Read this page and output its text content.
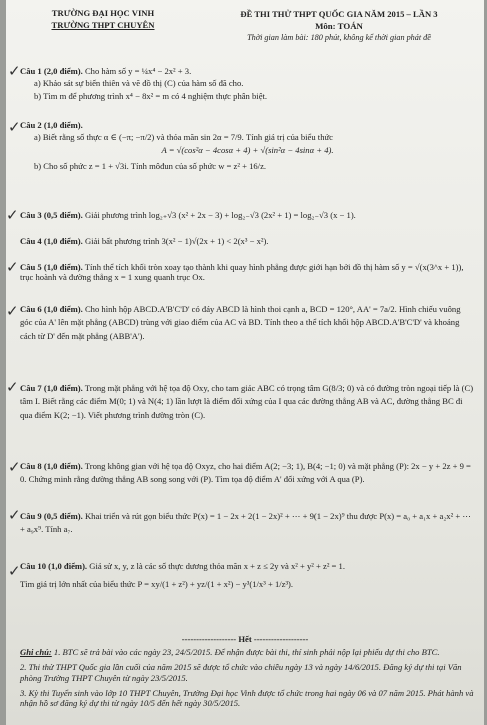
TRƯỜNG ĐẠI HỌC VINH
TRƯỜNG THPT CHUYÊN
ĐỀ THI THỬ THPT QUỐC GIA NĂM 2015 – LẦN 3
Môn: TOÁN
Thời gian làm bài: 180 phút, không kể thời gian phát đề
✓
✓
✓
✓
✓
✓
✓
✓
✓

Câu 1 (2,0 điểm). Cho hàm số y = ¼x⁴ − 2x² + 3.

a) Khảo sát sự biến thiên và vẽ đồ thị (C) của hàm số đã cho.

b) Tìm m để phương trình x⁴ − 8x² = m có 4 nghiệm thực phân biệt.

Câu 2 (1,0 điểm).

a) Biết rằng số thực α ∈ (−π; −π/2) và thỏa mãn sin 2α = 7/9. Tính giá trị của biểu thức

A = √(cos²α − 4cosα + 4) + √(sin²α − 4sinα + 4).

b) Cho số phức z = 1 + √3i. Tính môđun của số phức w = z² + 16/z.

Câu 3 (0,5 điểm). Giải phương trình log₂₊√3 (x² + 2x − 3) + log₂₋√3 (2x² + 1) = log₂₋√3 (x − 1).

Câu 4 (1,0 điểm). Giải bất phương trình 3(x² − 1)√(2x + 1) < 2(x³ − x²).

Câu 5 (1,0 điểm). Tính thể tích khối tròn xoay tạo thành khi quay hình phẳng được giới hạn bởi đồ thị hàm số y = √(x(3^x + 1)), trục hoành và đường thẳng x = 1 xung quanh trục Ox.

Câu 6 (1,0 điểm). Cho hình hộp ABCD.A'B'C'D' có đáy ABCD là hình thoi cạnh a, BCD = 120°, AA' = 7a/2. Hình chiếu vuông góc của A' lên mặt phẳng (ABCD) trùng với giao điểm của AC và BD. Tính theo a thể tích khối hộp ABCD.A'B'C'D' và khoảng cách từ D' đến mặt phẳng (ABB'A').

Câu 7 (1,0 điểm). Trong mặt phẳng với hệ tọa độ Oxy, cho tam giác ABC có trọng tâm G(8/3; 0) và có đường tròn ngoại tiếp là (C) tâm I. Biết rằng các điểm M(0; 1) và N(4; 1) lần lượt là điểm đối xứng của I qua các đường thẳng AB và AC, đường thẳng BC đi qua điểm K(2; −1). Viết phương trình đường tròn (C).

Câu 8 (1,0 điểm). Trong không gian với hệ tọa độ Oxyz, cho hai điểm A(2; −3; 1), B(4; −1; 0) và mặt phẳng (P): 2x − y + 2z + 9 = 0. Chứng minh rằng đường thẳng AB song song với (P). Tìm tọa độ điểm A' đối xứng với A qua (P).

Câu 9 (0,5 điểm). Khai triển và rút gọn biểu thức P(x) = 1 − 2x + 2(1 − 2x)² + ⋯ + 9(1 − 2x)⁹ thu được P(x) = a₀ + a₁x + a₂x² + ⋯ + a₉x⁹. Tính a₇.

Câu 10 (1,0 điểm). Giả sử x, y, z là các số thực dương thỏa mãn x + z ≤ 2y và x² + y² + z² = 1.

Tìm giá trị lớn nhất của biểu thức P = xy/(1 + z²) + yz/(1 + x²) − y³(1/x³ + 1/z³).

------------------- Hết -------------------

Ghi chú: 1. BTC sẽ trả bài vào các ngày 23, 24/5/2015. Để nhận được bài thi, thí sinh phải nộp lại phiếu dự thi cho BTC.

2. Thi thử THPT Quốc gia lần cuối của năm 2015 sẽ được tổ chức vào chiều ngày 13 và ngày 14/6/2015. Đăng ký dự thi tại Văn phòng Trường THPT Chuyên từ ngày 23/5/2015.

3. Kỳ thi Tuyển sinh vào lớp 10 THPT Chuyên, Trường Đại học Vinh được tổ chức trong hai ngày 06 và 07 năm 2015. Phát hành và nhận hồ sơ đăng ký dự thi từ ngày 10/5 đến hết ngày 30/5/2015.
